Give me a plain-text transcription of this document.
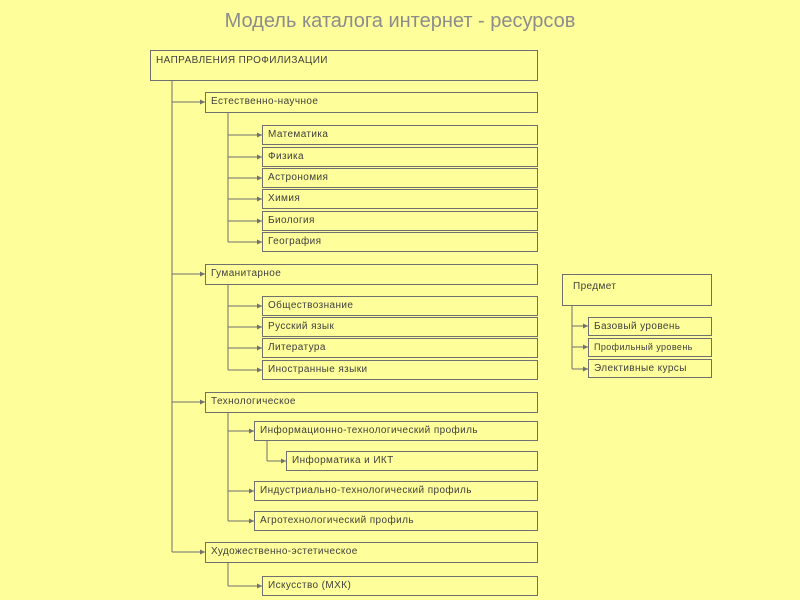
Модель каталога интернет - ресурсов
НАПРАВЛЕНИЯ ПРОФИЛИЗАЦИИ
Естественно-научное
Математика
Физика
Астрономия
Химия
Биология
География
Гуманитарное
Обществознание
Русский язык
Литература
Иностранные языки
Технологическое
Информационно-технологический профиль
Информатика и ИКТ
Индустриально-технологический профиль
Агротехнологический профиль
Художественно-эстетическое
Искусство (МХК)
Предмет
Базовый уровень
Профильный уровень
Элективные курсы
